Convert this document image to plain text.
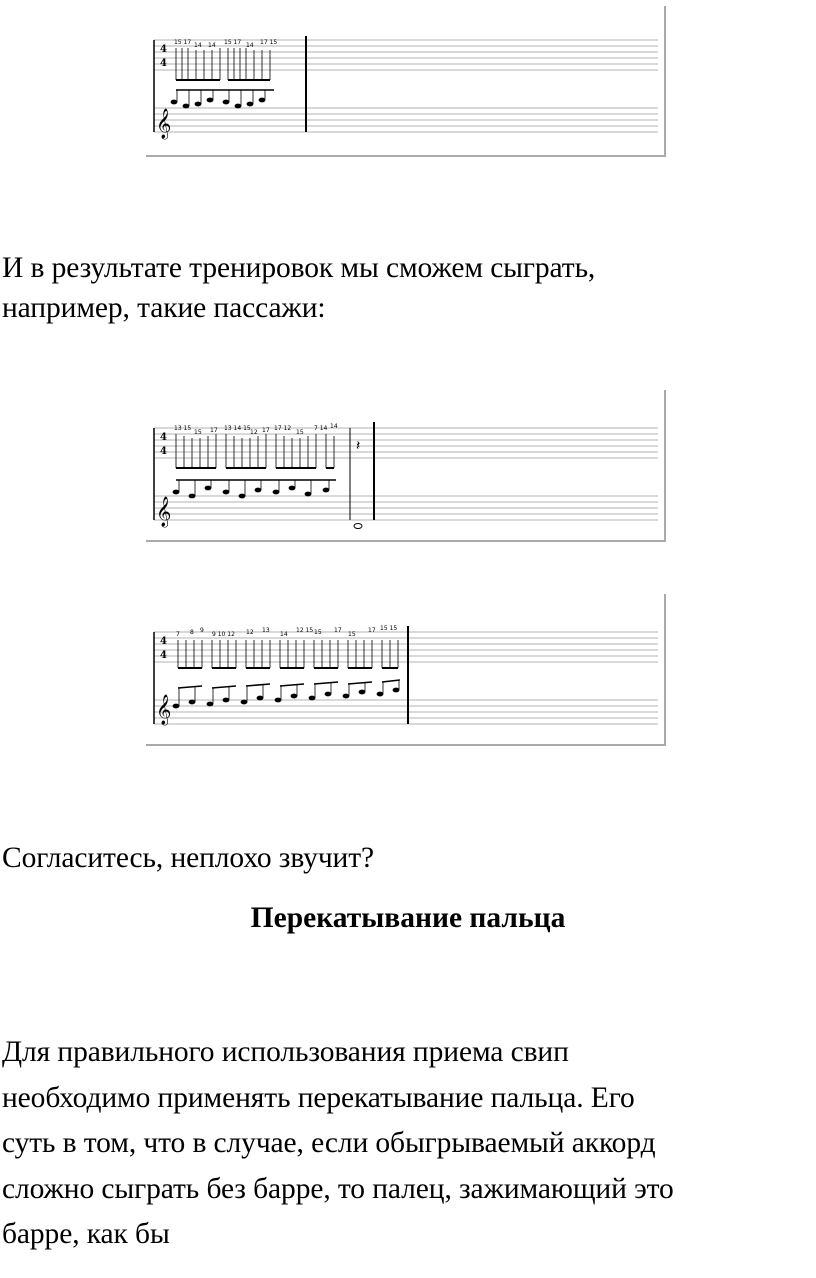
4
4
𝄞
15 17 14 14 15 17 14 17 15

И в результате тренировок мы сможем сыграть,
например, такие пассажи:

4
4
𝄞
𝄽
13 15
15 17 13 14 15
12 17 17 12
15
7 14 14
4
4
𝄞
7 8 9
9 10 12 12 13
14
12 15 15 17
15
17 15 15

Согласитесь, неплохо звучит?

Перекатывание пальца

Для правильного использования приема свип
необходимо применять перекатывание пальца. Его
суть в том, что в случае, если обыгрываемый аккорд
сложно сыграть без барре, то палец, зажимающий это
барре, как бы
